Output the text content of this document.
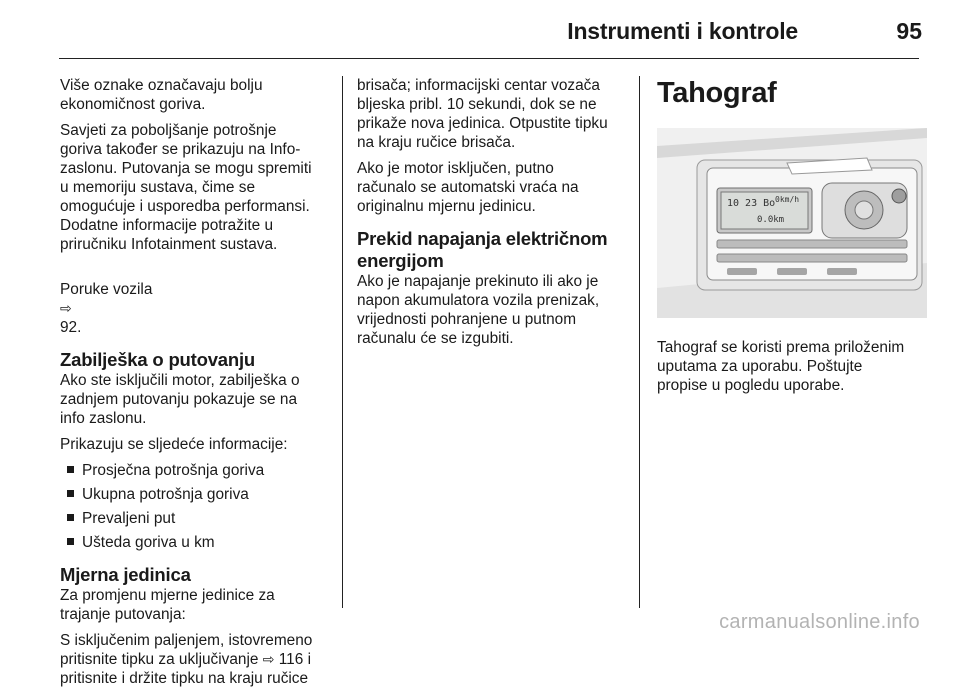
Instrumenti i kontrole	95

Više oznake označavaju bolju
ekonomičnost goriva.

Savjeti za poboljšanje potrošnje
goriva također se prikazuju na Info-
zaslonu. Putovanja se mogu spremiti
u memoriju sustava, čime se
omogućuje i usporedba performansi.
Dodatne informacije potražite u
priručniku Infotainment sustava.

Poruke vozila
⇨
92.

Zabilješka o putovanju

Ako ste isključili motor, zabilješka o
zadnjem putovanju pokazuje se na
info zaslonu.

Prikazuju se sljedeće informacije:

Prosječna potrošnja goriva
Ukupna potrošnja goriva
Prevaljeni put
Ušteda goriva u km
Mjerna jedinica

Za promjenu mjerne jedinice za
trajanje putovanja:

S isključenim paljenjem, istovremeno
pritisnite tipku za uključivanje ⇨ 116 i
pritisnite i držite tipku na kraju ručice

brisača; informacijski centar vozača
bljeska pribl. 10 sekundi, dok se ne
prikaže nova jedinica. Otpustite tipku
na kraju ručice brisača.

Ako je motor isključen, putno
računalo se automatski vraća na
originalnu mjernu jedinicu.

Prekid napajanja električnom
energijom

Ako je napajanje prekinuto ili ako je
napon akumulatora vozila prenizak,
vrijednosti pohranjene u putnom
računalu će se izgubiti.

Tahograf
10 23 Bo 0km/h
0.0km

Tahograf se koristi prema priloženim
uputama za uporabu. Poštujte
propise u pogledu uporabe.

carmanualsonline.info
